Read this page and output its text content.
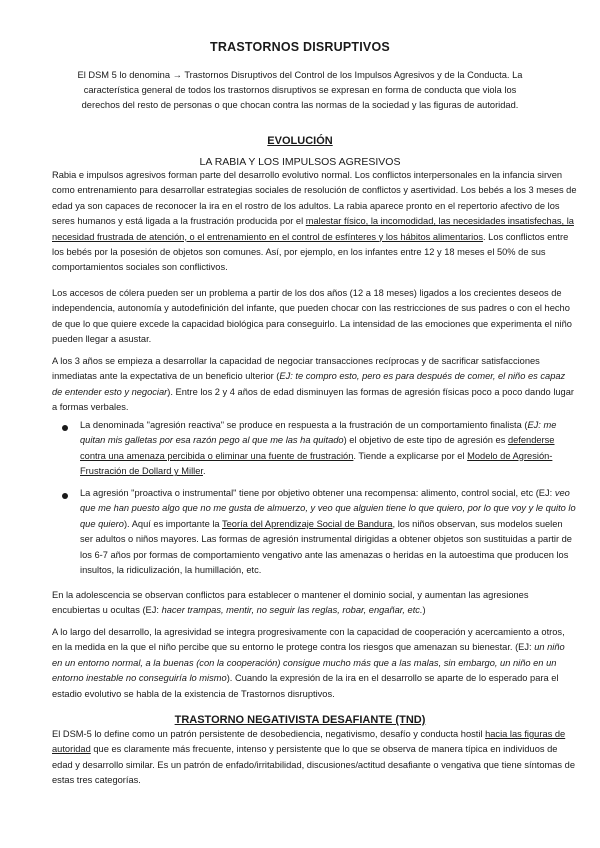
TRASTORNOS DISRUPTIVOS
El DSM 5 lo denomina → Trastornos Disruptivos del Control de los Impulsos Agresivos y de la Conducta. La característica general de todos los trastornos disruptivos se expresan en forma de conducta que viola los derechos del resto de personas o que chocan contra las normas de la sociedad y las figuras de autoridad.
EVOLUCIÓN
LA RABIA Y LOS IMPULSOS AGRESIVOS
Rabia e impulsos agresivos forman parte del desarrollo evolutivo normal. Los conflictos interpersonales en la infancia sirven como entrenamiento para desarrollar estrategias sociales de resolución de conflictos y asertividad. Los bebés a los 3 meses de edad ya son capaces de reconocer la ira en el rostro de los adultos. La rabia aparece pronto en el repertorio afectivo de los seres humanos y está ligada a la frustración producida por el malestar físico, la incomodidad, las necesidades insatisfechas, la necesidad frustrada de atención, o el entrenamiento en el control de esfínteres y los hábitos alimentarios. Los conflictos entre los bebés por la posesión de objetos son comunes. Así, por ejemplo, en los infantes entre 12 y 18 meses el 50% de sus comportamientos sociales son conflictivos.
Los accesos de cólera pueden ser un problema a partir de los dos años (12 a 18 meses) ligados a los crecientes deseos de independencia, autonomía y autodefinición del infante, que pueden chocar con las restricciones de sus padres o con el hecho de que lo que quiere excede la capacidad biológica para conseguirlo. La intensidad de las emociones que experimenta el niño pueden llegar a asustar.
A los 3 años se empieza a desarrollar la capacidad de negociar transacciones recíprocas y de sacrificar satisfacciones inmediatas ante la expectativa de un beneficio ulterior (EJ: te compro esto, pero es para después de comer, el niño es capaz de entender esto y negociar). Entre los 2 y 4 años de edad disminuyen las formas de agresión físicas poco a poco dando lugar a formas verbales.
La denominada "agresión reactiva" se produce en respuesta a la frustración de un comportamiento finalista (EJ: me quitan mis galletas por esa razón pego al que me las ha quitado) el objetivo de este tipo de agresión es defenderse contra una amenaza percibida o eliminar una fuente de frustración. Tiende a explicarse por el Modelo de Agresión-Frustración de Dollard y Miller.
La agresión "proactiva o instrumental" tiene por objetivo obtener una recompensa: alimento, control social, etc (EJ: veo que me han puesto algo que no me gusta de almuerzo, y veo que alguien tiene lo que quiero, por lo que voy y le quito lo que quiero). Aquí es importante la Teoría del Aprendizaje Social de Bandura, los niños observan, sus modelos suelen ser adultos o niños mayores. Las formas de agresión instrumental dirigidas a obtener objetos son sustituidas a partir de los 6-7 años por formas de comportamiento vengativo ante las amenazas o heridas en la autoestima que producen los insultos, la ridiculización, la humillación, etc.
En la adolescencia se observan conflictos para establecer o mantener el dominio social, y aumentan las agresiones encubiertas u ocultas (EJ: hacer trampas, mentir, no seguir las reglas, robar, engañar, etc.)
A lo largo del desarrollo, la agresividad se integra progresivamente con la capacidad de cooperación y acercamiento a otros, en la medida en la que el niño percibe que su entorno le protege contra los riesgos que amenazan su bienestar. (EJ: un niño en un entorno normal, a la buenas (con la cooperación) consigue mucho más que a las malas, sin embargo, un niño en un entorno inestable no conseguiría lo mismo). Cuando la expresión de la ira en el desarrollo se aparte de lo esperado para el estadio evolutivo se habla de la existencia de Trastornos disruptivos.
TRASTORNO NEGATIVISTA DESAFIANTE (TND)
El DSM-5 lo define como un patrón persistente de desobediencia, negativismo, desafío y conducta hostil hacia las figuras de autoridad que es claramente más frecuente, intenso y persistente que lo que se observa de manera típica en individuos de edad y desarrollo similar. Es un patrón de enfado/irritabilidad, discusiones/actitud desafiante o vengativa que tiene síntomas de estas tres categorías.
